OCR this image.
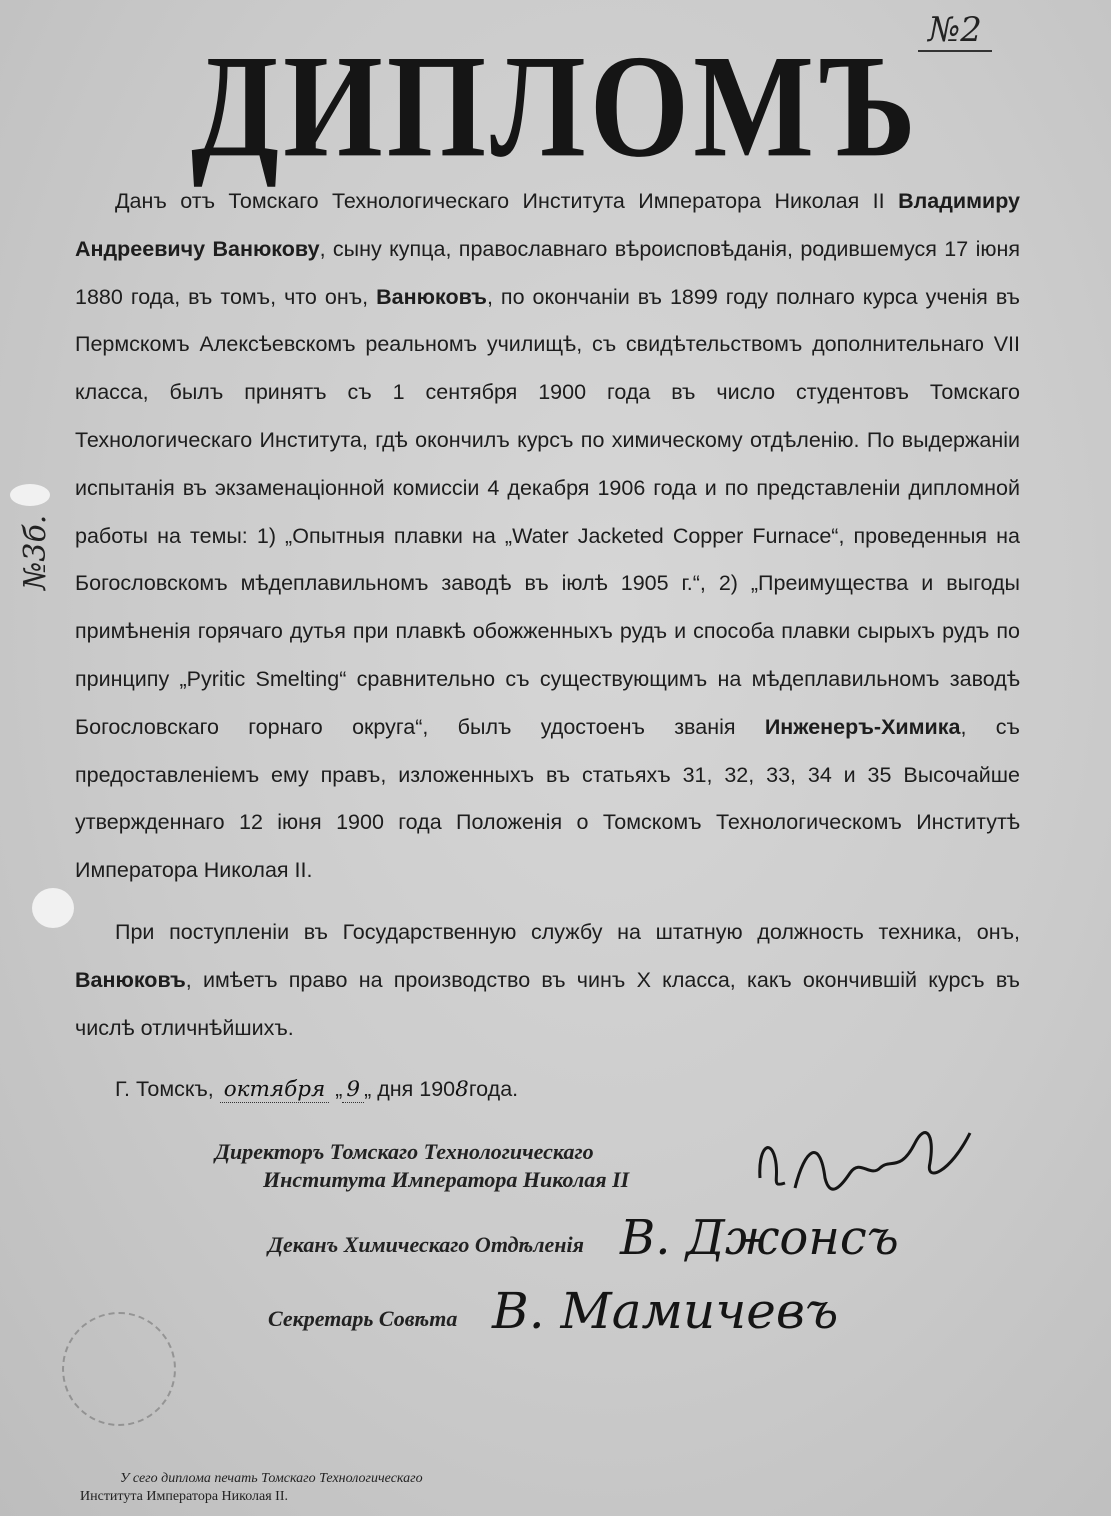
№2
ДИПЛОМЪ
№3б.

Данъ отъ Томскаго Технологическаго Института Императора Николая II Владимиру Андреевичу Ванюкову, сыну купца, православнаго вѣроисповѣданія, родившемуся 17 іюня 1880 года, въ томъ, что онъ, Ванюковъ, по окончаніи въ 1899 году полнаго курса ученія въ Пермскомъ Алексѣевскомъ реальномъ училищѣ, съ свидѣтельствомъ дополнительнаго VII класса, былъ принятъ съ 1 сентября 1900 года въ число студентовъ Томскаго Технологическаго Института, гдѣ окончилъ курсъ по химическому отдѣленію. По выдержаніи испытанія въ экзаменаціонной комиссіи 4 декабря 1906 года и по представленіи дипломной работы на темы: 1) „Опытныя плавки на „Water Jacketed Copper Furnace“, проведенныя на Богословскомъ мѣдеплавильномъ заводѣ въ іюлѣ 1905 г.“, 2) „Преимущества и выгоды примѣненія горячаго дутья при плавкѣ обожженныхъ рудъ и способа плавки сырыхъ рудъ по принципу „Pyritic Smelting“ сравнительно съ существующимъ на мѣдеплавильномъ заводѣ Богословскаго горнаго округа“, былъ удостоенъ званія Инженеръ-Химика, съ предоставленіемъ ему правъ, изложенныхъ въ статьяхъ 31, 32, 33, 34 и 35 Высочайше утвержденнаго 12 іюня 1900 года Положенія о Томскомъ Технологическомъ Институтѣ Императора Николая II.

При поступленіи въ Государственную службу на штатную должность техника, онъ, Ванюковъ, имѣетъ право на производство въ чинъ X класса, какъ окончившій курсъ въ числѣ отличнѣйшихъ.

Г. Томскъ, октября „ 9 „ дня 1908года.

Директоръ Томскаго Технологическаго
Института Императора Николая II
Деканъ Химическаго Отдѣленія В. Джонсъ
Секретарь Совѣта В. Мамичевъ
У сего диплома печать Томскаго Технологическаго
Института Императора Николая II.
